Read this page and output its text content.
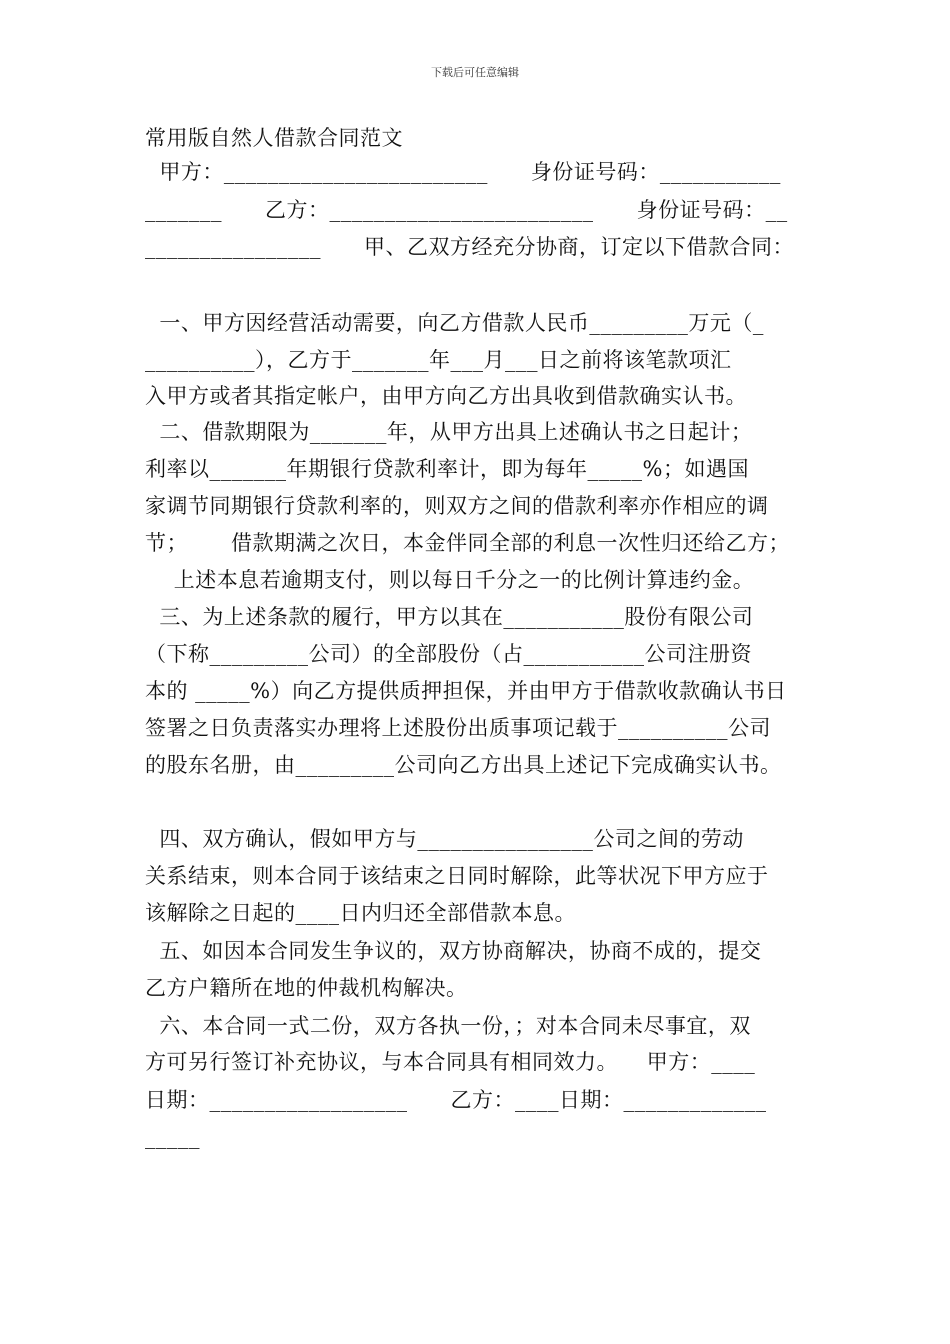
下载后可任意编辑
常用版自然人借款合同范文
甲方：________________________      身份证号码：___________
_______      乙方：________________________      身份证号码：__
________________      甲、乙双方经充分协商，订定以下借款合同：
一、甲方因经营活动需要，向乙方借款人民币_________万元（_
__________），乙方于_______年___月___日之前将该笔款项汇
入甲方或者其指定帐户，由甲方向乙方出具收到借款确实认书。
二、借款期限为_______年，从甲方出具上述确认书之日起计；
利率以_______年期银行贷款利率计，即为每年_____%；如遇国
家调节同期银行贷款利率的，则双方之间的借款利率亦作相应的调
节；      借款期满之次日，本金伴同全部的利息一次性归还给乙方；
上述本息若逾期支付，则以每日千分之一的比例计算违约金。
三、为上述条款的履行，甲方以其在___________股份有限公司
（下称_________公司）的全部股份（占___________公司注册资
本的 _____%）向乙方提供质押担保，并由甲方于借款收款确认书日
签署之日负责落实办理将上述股份出质事项记载于__________公司
的股东名册，由_________公司向乙方出具上述记下完成确实认书。
四、双方确认，假如甲方与________________公司之间的劳动
关系结束，则本合同于该结束之日同时解除，此等状况下甲方应于
该解除之日起的____日内归还全部借款本息。
五、如因本合同发生争议的，双方协商解决，协商不成的，提交
乙方户籍所在地的仲裁机构解决。
六、本合同一式二份，双方各执一份，；对本合同未尽事宜，双
方可另行签订补充协议，与本合同具有相同效力。    甲方：____
日期：__________________      乙方：____日期：_____________
_____
